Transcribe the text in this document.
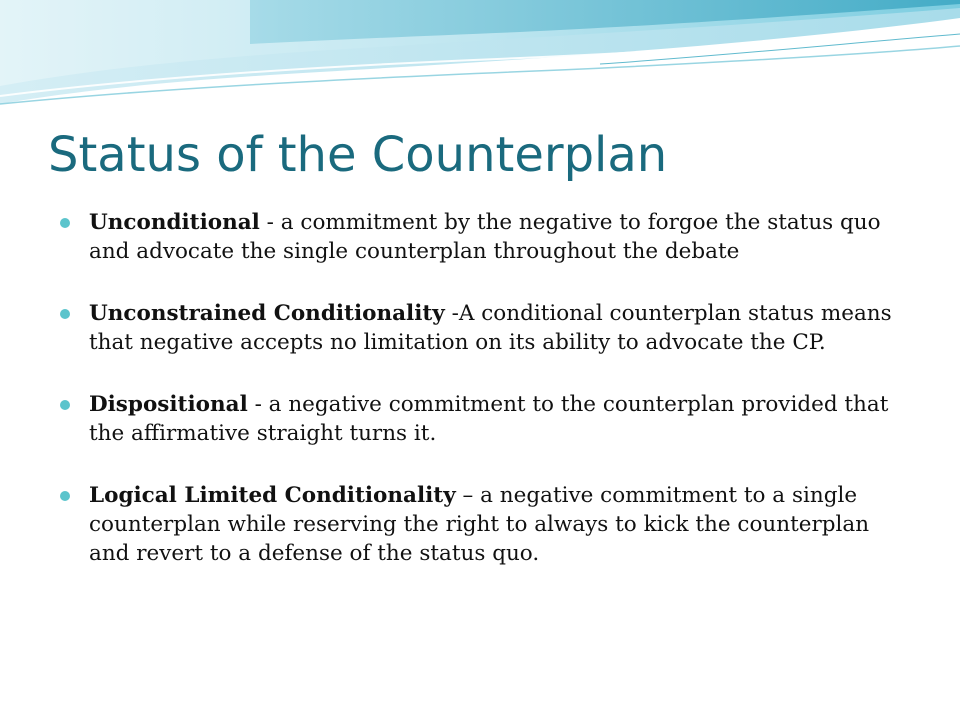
Status of the Counterplan
Unconditional - a commitment by the negative to forgoe the status quo and advocate the single counterplan throughout the debate
Unconstrained Conditionality -A conditional counterplan status means that negative accepts no limitation on its ability to advocate the CP.
Dispositional - a negative commitment to the counterplan provided that the affirmative straight turns it.
Logical Limited Conditionality – a negative commitment to a single counterplan while reserving the right to always to kick the counterplan and revert to a defense of the status quo.
